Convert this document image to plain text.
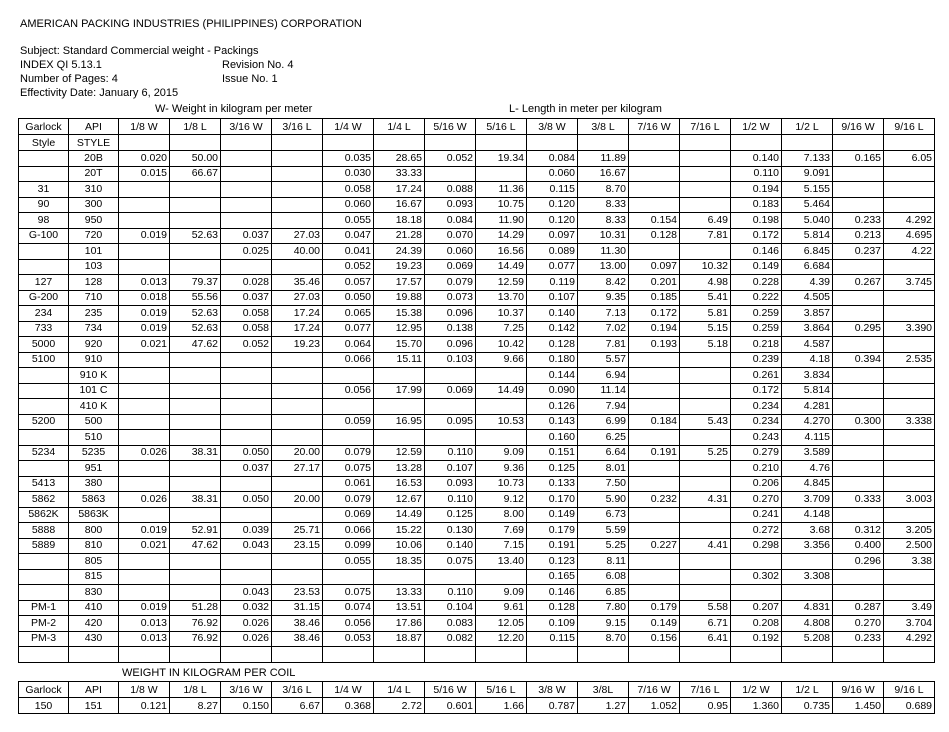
AMERICAN PACKING INDUSTRIES (PHILIPPINES) CORPORATION
Subject: Standard Commercial weight - Packings
INDEX QI 5.13.1	Revision No. 4
Number of Pages: 4	Issue No. 1
Effectivity Date: January 6, 2015
W- Weight in kilogram per meter	L- Length in meter per kilogram
Garlock	API	1/8 W	1/8 L	3/16 W	3/16 L	1/4 W	1/4 L	5/16 W	5/16 L	3/8 W	3/8 L	7/16 W	7/16 L	1/2 W	1/2 L	9/16 W	9/16 L
Style	STYLE																
	20B	0.020	50.00			0.035	28.65	0.052	19.34	0.084	11.89			0.140	7.133	0.165	6.05
	20T	0.015	66.67			0.030	33.33			0.060	16.67			0.110	9.091		
31	310					0.058	17.24	0.088	11.36	0.115	8.70			0.194	5.155		
90	300					0.060	16.67	0.093	10.75	0.120	8.33			0.183	5.464		
98	950					0.055	18.18	0.084	11.90	0.120	8.33	0.154	6.49	0.198	5.040	0.233	4.292
G-100	720	0.019	52.63	0.037	27.03	0.047	21.28	0.070	14.29	0.097	10.31	0.128	7.81	0.172	5.814	0.213	4.695
	101			0.025	40.00	0.041	24.39	0.060	16.56	0.089	11.30			0.146	6.845	0.237	4.22
	103					0.052	19.23	0.069	14.49	0.077	13.00	0.097	10.32	0.149	6.684		
127	128	0.013	79.37	0.028	35.46	0.057	17.57	0.079	12.59	0.119	8.42	0.201	4.98	0.228	4.39	0.267	3.745
G-200	710	0.018	55.56	0.037	27.03	0.050	19.88	0.073	13.70	0.107	9.35	0.185	5.41	0.222	4.505		
234	235	0.019	52.63	0.058	17.24	0.065	15.38	0.096	10.37	0.140	7.13	0.172	5.81	0.259	3.857		
733	734	0.019	52.63	0.058	17.24	0.077	12.95	0.138	7.25	0.142	7.02	0.194	5.15	0.259	3.864	0.295	3.390
5000	920	0.021	47.62	0.052	19.23	0.064	15.70	0.096	10.42	0.128	7.81	0.193	5.18	0.218	4.587		
5100	910					0.066	15.11	0.103	9.66	0.180	5.57			0.239	4.18	0.394	2.535
	910 K									0.144	6.94			0.261	3.834		
	101 C					0.056	17.99	0.069	14.49	0.090	11.14			0.172	5.814		
	410 K									0.126	7.94			0.234	4.281		
5200	500					0.059	16.95	0.095	10.53	0.143	6.99	0.184	5.43	0.234	4.270	0.300	3.338
	510									0.160	6.25			0.243	4.115		
5234	5235	0.026	38.31	0.050	20.00	0.079	12.59	0.110	9.09	0.151	6.64	0.191	5.25	0.279	3.589		
	951			0.037	27.17	0.075	13.28	0.107	9.36	0.125	8.01			0.210	4.76		
5413	380					0.061	16.53	0.093	10.73	0.133	7.50			0.206	4.845		
5862	5863	0.026	38.31	0.050	20.00	0.079	12.67	0.110	9.12	0.170	5.90	0.232	4.31	0.270	3.709	0.333	3.003
5862K	5863K					0.069	14.49	0.125	8.00	0.149	6.73			0.241	4.148		
5888	800	0.019	52.91	0.039	25.71	0.066	15.22	0.130	7.69	0.179	5.59			0.272	3.68	0.312	3.205
5889	810	0.021	47.62	0.043	23.15	0.099	10.06	0.140	7.15	0.191	5.25	0.227	4.41	0.298	3.356	0.400	2.500
	805					0.055	18.35	0.075	13.40	0.123	8.11					0.296	3.38
	815									0.165	6.08			0.302	3.308		
	830			0.043	23.53	0.075	13.33	0.110	9.09	0.146	6.85						
PM-1	410	0.019	51.28	0.032	31.15	0.074	13.51	0.104	9.61	0.128	7.80	0.179	5.58	0.207	4.831	0.287	3.49
PM-2	420	0.013	76.92	0.026	38.46	0.056	17.86	0.083	12.05	0.109	9.15	0.149	6.71	0.208	4.808	0.270	3.704
PM-3	430	0.013	76.92	0.026	38.46	0.053	18.87	0.082	12.20	0.115	8.70	0.156	6.41	0.192	5.208	0.233	4.292

WEIGHT IN KILOGRAM PER COIL
Garlock	API	1/8 W	1/8 L	3/16 W	3/16 L	1/4 W	1/4 L	5/16 W	5/16 L	3/8 W	3/8L	7/16 W	7/16 L	1/2 W	1/2 L	9/16 W	9/16 L
150	151	0.121	8.27	0.150	6.67	0.368	2.72	0.601	1.66	0.787	1.27	1.052	0.95	1.360	0.735	1.450	0.689
